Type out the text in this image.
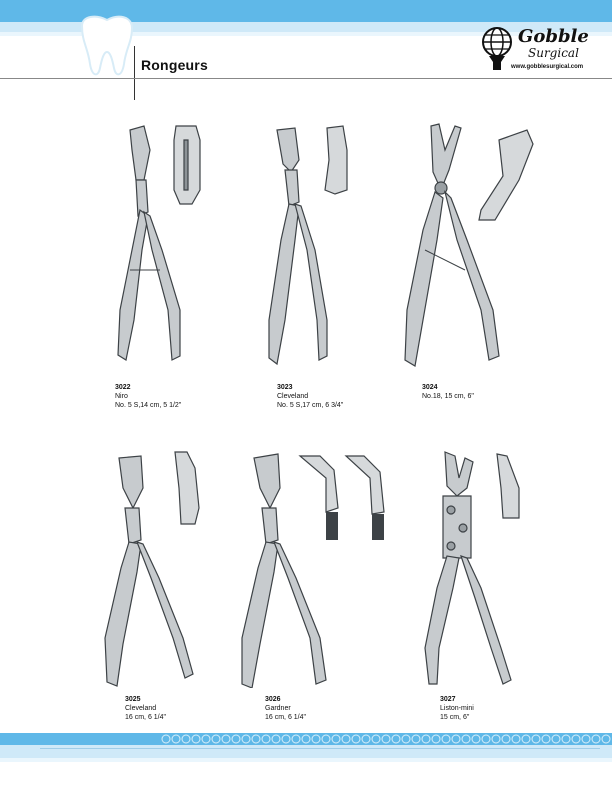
Rongeurs
Gobble
Surgical
www.gobblesurgical.com
3022
Niro
No. 5 S,14 cm, 5 1/2"
3023
Cleveland
No. 5 S,17 cm, 6 3/4"
3024
No.18, 15 cm, 6"
3025
Cleveland
16 cm, 6 1/4"
3026
Gardner
16 cm, 6 1/4"
3027
Liston-mini
15 cm, 6"
